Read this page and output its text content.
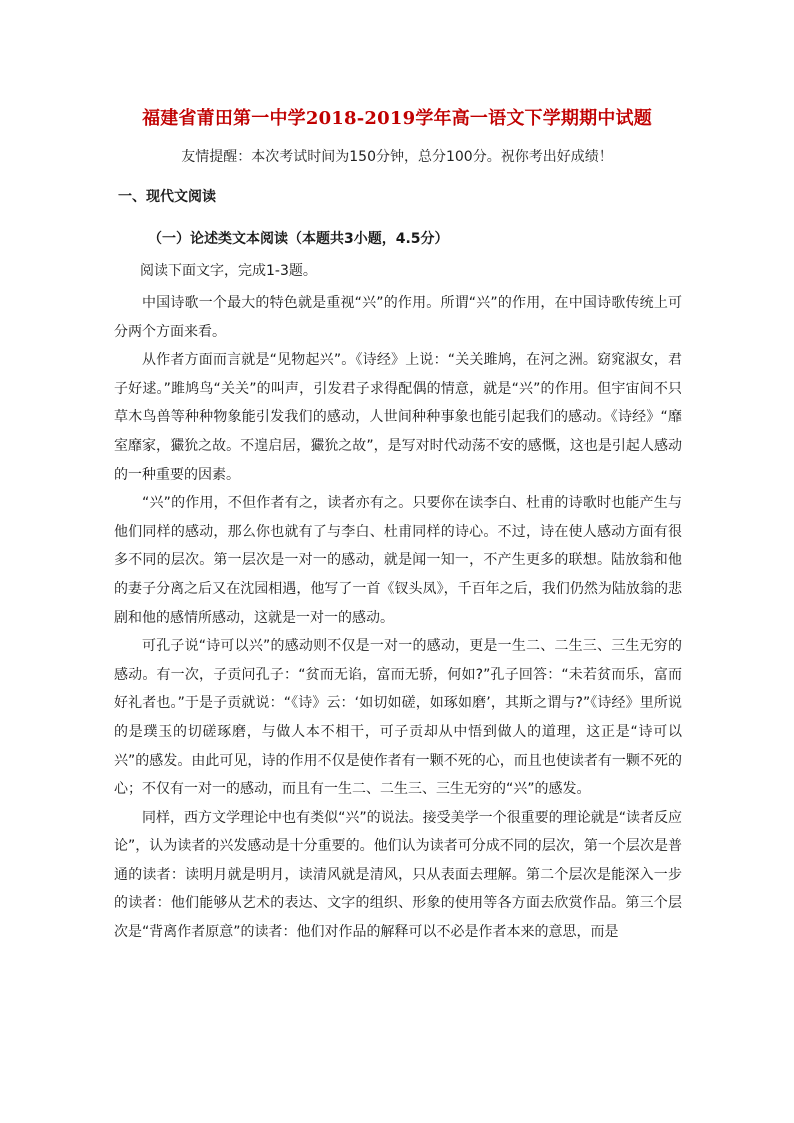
福建省莆田第一中学2018-2019学年高一语文下学期期中试题
友情提醒：本次考试时间为150分钟，总分100分。祝你考出好成绩！
一、现代文阅读
（一）论述类文本阅读（本题共3小题，4.5分）
阅读下面文字，完成1-3题。

中国诗歌一个最大的特色就是重视“兴”的作用。所谓“兴”的作用，在中国诗歌传统上可分两个方面来看。

从作者方面而言就是“见物起兴”。《诗经》上说：“关关雎鸠，在河之洲。窈窕淑女，君子好逑。”雎鸠鸟“关关”的叫声，引发君子求得配偶的情意，就是“兴”的作用。但宇宙间不只草木鸟兽等种种物象能引发我们的感动，人世间种种事象也能引起我们的感动。《诗经》“靡室靡家，玁狁之故。不遑启居，玁狁之故”，是写对时代动荡不安的感慨，这也是引起人感动的一种重要的因素。

“兴”的作用，不但作者有之，读者亦有之。只要你在读李白、杜甫的诗歌时也能产生与他们同样的感动，那么你也就有了与李白、杜甫同样的诗心。不过，诗在使人感动方面有很多不同的层次。第一层次是一对一的感动，就是闻一知一，不产生更多的联想。陆放翁和他的妻子分离之后又在沈园相遇，他写了一首《钗头凤》，千百年之后，我们仍然为陆放翁的悲剧和他的感情所感动，这就是一对一的感动。

可孔子说“诗可以兴”的感动则不仅是一对一的感动，更是一生二、二生三、三生无穷的感动。有一次，子贡问孔子：“贫而无谄，富而无骄，何如?”孔子回答：“未若贫而乐，富而好礼者也。”于是子贡就说：“《诗》云：‘如切如磋，如琢如磨’，其斯之谓与?”《诗经》里所说的是璞玉的切磋琢磨，与做人本不相干，可子贡却从中悟到做人的道理，这正是“诗可以兴”的感发。由此可见，诗的作用不仅是使作者有一颗不死的心，而且也使读者有一颗不死的心；不仅有一对一的感动，而且有一生二、二生三、三生无穷的“兴”的感发。

同样，西方文学理论中也有类似“兴”的说法。接受美学一个很重要的理论就是“读者反应论”，认为读者的兴发感动是十分重要的。他们认为读者可分成不同的层次，第一个层次是普通的读者：读明月就是明月，读清风就是清风，只从表面去理解。第二个层次是能深入一步的读者：他们能够从艺术的表达、文字的组织、形象的使用等各方面去欣赏作品。第三个层次是“背离作者原意”的读者：他们对作品的解释可以不必是作者本来的意思，而是
